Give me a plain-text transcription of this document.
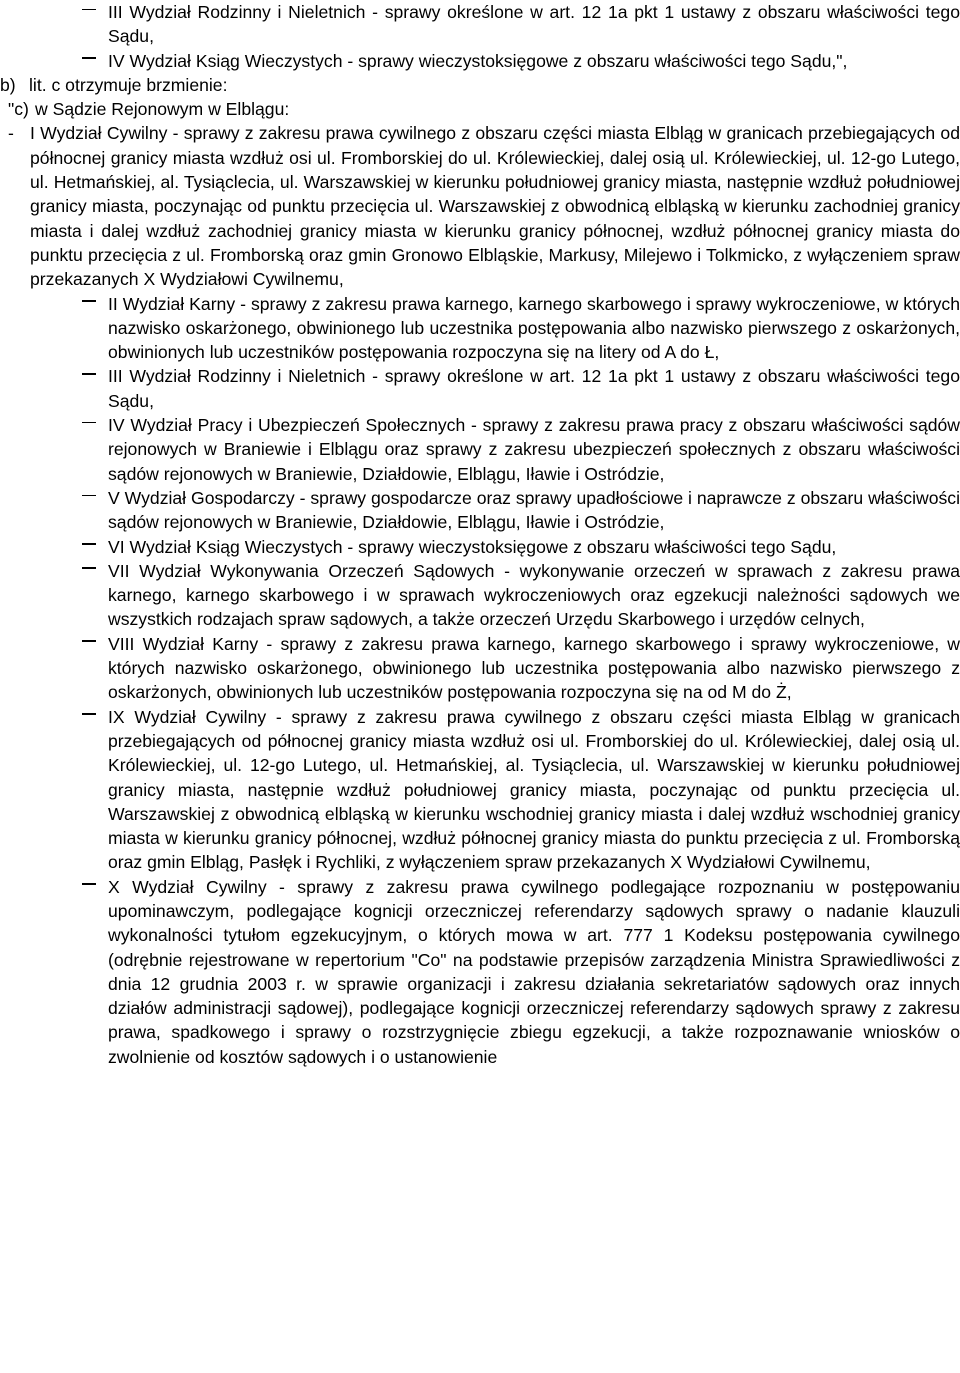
III Wydział Rodzinny i Nieletnich - sprawy określone w art. 12 1a pkt 1 ustawy z obszaru właściwości tego Sądu,
IV Wydział Ksiąg Wieczystych - sprawy wieczystoksięgowe z obszaru właściwości tego Sądu,",
b) lit. c otrzymuje brzmienie:
"c) w Sądzie Rejonowym w Elblągu:
- I Wydział Cywilny - sprawy z zakresu prawa cywilnego z obszaru części miasta Elbląg w granicach przebiegających od północnej granicy miasta wzdłuż osi ul. Fromborskiej do ul. Królewieckiej, dalej osią ul. Królewieckiej, ul. 12-go Lutego, ul. Hetmańskiej, al. Tysiąclecia, ul. Warszawskiej w kierunku południowej granicy miasta, następnie wzdłuż południowej granicy miasta, poczynając od punktu przecięcia ul. Warszawskiej z obwodnicą elbląską w kierunku zachodniej granicy miasta i dalej wzdłuż zachodniej granicy miasta w kierunku granicy północnej, wzdłuż północnej granicy miasta do punktu przecięcia z ul. Fromborską oraz gmin Gronowo Elbląskie, Markusy, Milejewo i Tolkmicko, z wyłączeniem spraw przekazanych X Wydziałowi Cywilnemu,
II Wydział Karny - sprawy z zakresu prawa karnego, karnego skarbowego i sprawy wykroczeniowe, w których nazwisko oskarżonego, obwinionego lub uczestnika postępowania albo nazwisko pierwszego z oskarżonych, obwinionych lub uczestników postępowania rozpoczyna się na litery od A do Ł,
III Wydział Rodzinny i Nieletnich - sprawy określone w art. 12 1a pkt 1 ustawy z obszaru właściwości tego Sądu,
IV Wydział Pracy i Ubezpieczeń Społecznych - sprawy z zakresu prawa pracy z obszaru właściwości sądów rejonowych w Braniewie i Elblągu oraz sprawy z zakresu ubezpieczeń społecznych z obszaru właściwości sądów rejonowych w Braniewie, Działdowie, Elblągu, Iławie i Ostródzie,
V Wydział Gospodarczy - sprawy gospodarcze oraz sprawy upadłościowe i naprawcze z obszaru właściwości sądów rejonowych w Braniewie, Działdowie, Elblągu, Iławie i Ostródzie,
VI Wydział Ksiąg Wieczystych - sprawy wieczystoksięgowe z obszaru właściwości tego Sądu,
VII Wydział Wykonywania Orzeczeń Sądowych - wykonywanie orzeczeń w sprawach z zakresu prawa karnego, karnego skarbowego i w sprawach wykroczeniowych oraz egzekucji należności sądowych we wszystkich rodzajach spraw sądowych, a także orzeczeń Urzędu Skarbowego i urzędów celnych,
VIII Wydział Karny - sprawy z zakresu prawa karnego, karnego skarbowego i sprawy wykroczeniowe, w których nazwisko oskarżonego, obwinionego lub uczestnika postępowania albo nazwisko pierwszego z oskarżonych, obwinionych lub uczestników postępowania rozpoczyna się na od M do Ż,
IX Wydział Cywilny - sprawy z zakresu prawa cywilnego z obszaru części miasta Elbląg w granicach przebiegających od północnej granicy miasta wzdłuż osi ul. Fromborskiej do ul. Królewieckiej, dalej osią ul. Królewieckiej, ul. 12-go Lutego, ul. Hetmańskiej, al. Tysiąclecia, ul. Warszawskiej w kierunku południowej granicy miasta, następnie wzdłuż południowej granicy miasta, poczynając od punktu przecięcia ul. Warszawskiej z obwodnicą elbląską w kierunku wschodniej granicy miasta i dalej wzdłuż wschodniej granicy miasta w kierunku granicy północnej, wzdłuż północnej granicy miasta do punktu przecięcia z ul. Fromborską oraz gmin Elbląg, Pasłęk i Rychliki, z wyłączeniem spraw przekazanych X Wydziałowi Cywilnemu,
X Wydział Cywilny - sprawy z zakresu prawa cywilnego podlegające rozpoznaniu w postępowaniu upominawczym, podlegające kognicji orzeczniczej referendarzy sądowych sprawy o nadanie klauzuli wykonalności tytułom egzekucyjnym, o których mowa w art. 777 1 Kodeksu postępowania cywilnego (odrębnie rejestrowane w repertorium "Co" na podstawie przepisów zarządzenia Ministra Sprawiedliwości z dnia 12 grudnia 2003 r. w sprawie organizacji i zakresu działania sekretariatów sądowych oraz innych działów administracji sądowej), podlegające kognicji orzeczniczej referendarzy sądowych sprawy z zakresu prawa, spadkowego i sprawy o rozstrzygnięcie zbiegu egzekucji, a także rozpoznawanie wniosków o zwolnienie od kosztów sądowych i o ustanowienie
